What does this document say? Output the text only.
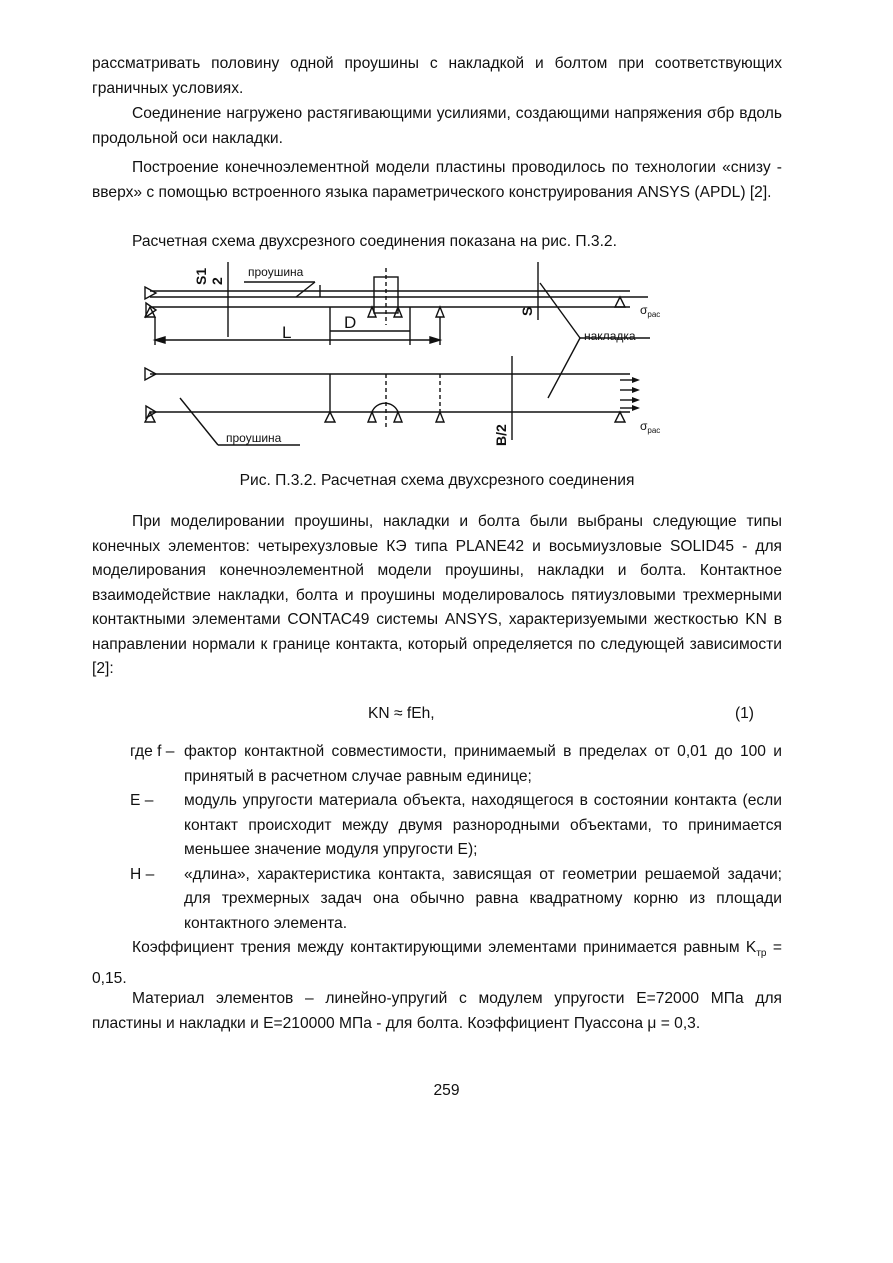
рассматривать половину одной проушины с накладкой и болтом при соответствующих граничных условиях.

Соединение нагружено растягивающими усилиями, создающими напряжения σбр вдоль продольной оси накладки.

Построение конечноэлементной модели пластины проводилось по технологии «снизу - вверх» с помощью встроенного языка параметрического конструирования ANSYS (APDL) [2].

Расчетная схема двухсрезного соединения показана на рис. П.3.2.

проушина
накладка
проушина
S1 2
L
D
S
B/2
$\sigma_{рас}$
$\sigma_{рас}$
Рис. П.3.2. Расчетная схема двухсрезного соединения

При моделировании проушины, накладки и болта были выбраны следующие типы конечных элементов: четырехузловые КЭ типа PLANE42 и восьмиузловые SOLID45 - для моделирования конечноэлементной модели проушины, накладки и болта. Контактное взаимодействие накладки, болта и проушины моделировалось пятиузловыми трехмерными контактными элементами CONTAC49 системы ANSYS, характеризуемыми жесткостью KN в направлении нормали к границе контакта, который определяется по следующей зависимости [2]:

KN ≈ fEh,	(1)

где f – фактор контактной совместимости, принимаемый в пределах от 0,01 до 100 и принятый в расчетном случае равным единице;

E – модуль упругости материала объекта, находящегося в состоянии контакта (если контакт происходит между двумя разнородными объектами, то принимается меньшее значение модуля упругости E);

H – «длина», характеристика контакта, зависящая от геометрии решаемой задачи; для трехмерных задач она обычно равна квадратному корню из площади контактного элемента.

Коэффициент трения между контактирующими элементами принимается равным $K_{тр} = 0,15$.

Материал элементов – линейно-упругий с модулем упругости E=72000 МПа для пластины и накладки и E=210000 МПа - для болта. Коэффициент Пуассона μ = 0,3.

259
